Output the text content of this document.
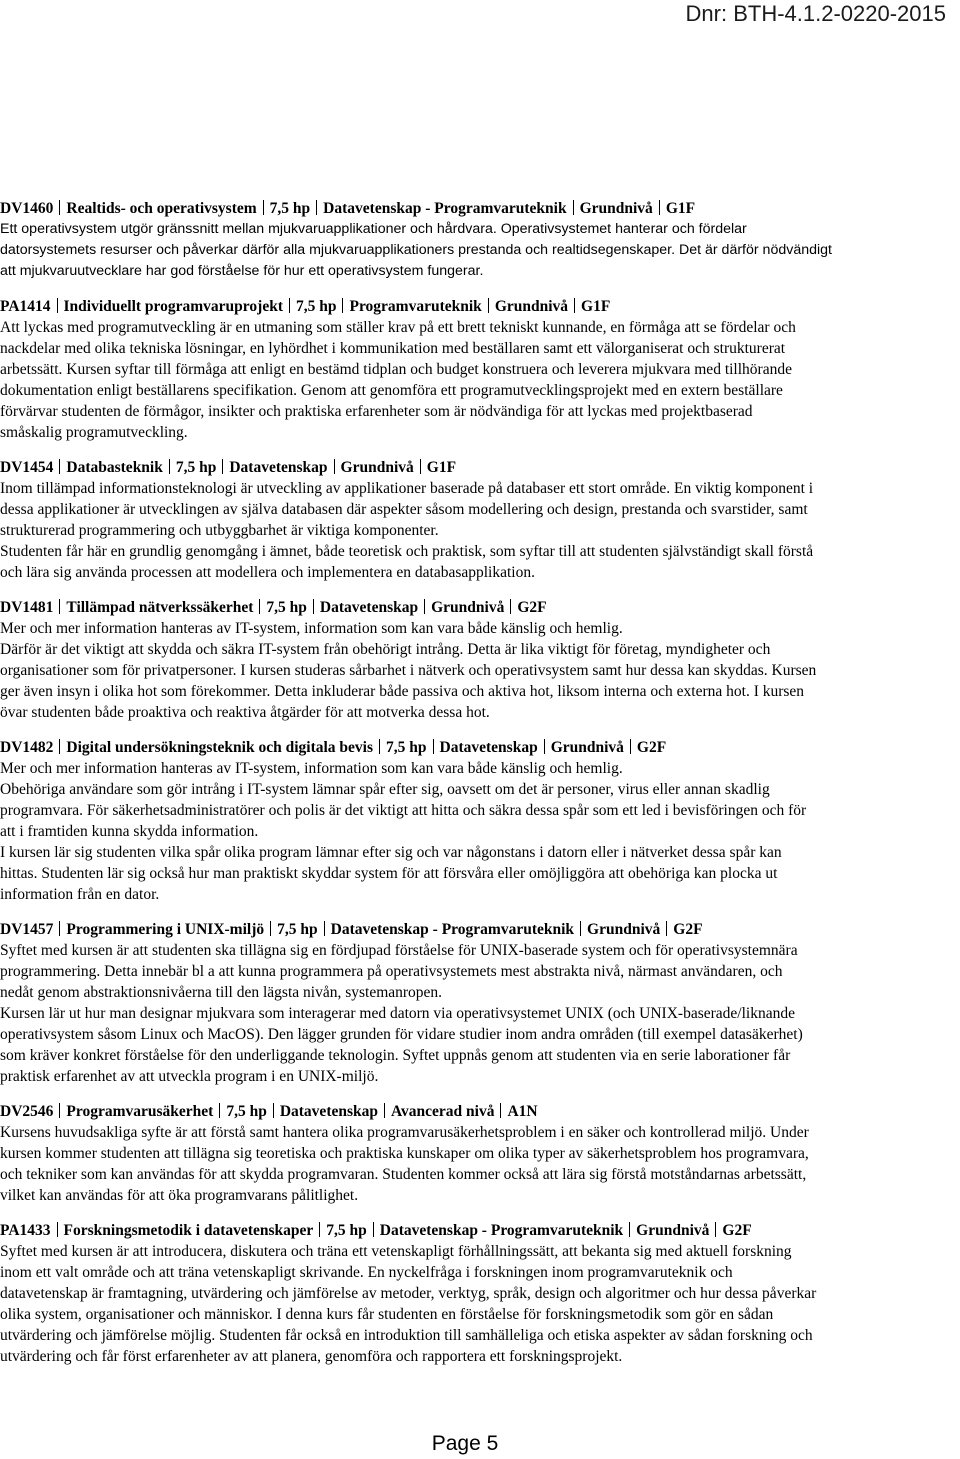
Dnr: BTH-4.1.2-0220-2015
DV1460 Realtids- och operativsystem 7,5 hp Datavetenskap - Programvaruteknik Grundnivå G1F
Ett operativsystem utgör gränssnitt mellan mjukvaruapplikationer och hårdvara. Operativsystemet hanterar och fördelar
datorsystemets resurser och påverkar därför alla mjukvaruapplikationers prestanda och realtidsegenskaper. Det är därför nödvändigt
att mjukvaruutvecklare har god förståelse för hur ett operativsystem fungerar.
PA1414 Individuellt programvaruprojekt 7,5 hp Programvaruteknik Grundnivå G1F
Att lyckas med programutveckling är en utmaning som ställer krav på ett brett tekniskt kunnande, en förmåga att se fördelar och
nackdelar med olika tekniska lösningar, en lyhördhet i kommunikation med beställaren samt ett välorganiserat och strukturerat
arbetssätt. Kursen syftar till förmåga att enligt en bestämd tidplan och budget konstruera och leverera mjukvara med tillhörande
dokumentation enligt beställarens specifikation. Genom att genomföra ett programutvecklingsprojekt med en extern beställare
förvärvar studenten de förmågor, insikter och praktiska erfarenheter som är nödvändiga för att lyckas med projektbaserad
småskalig programutveckling.
DV1454 Databasteknik 7,5 hp Datavetenskap Grundnivå G1F
Inom tillämpad informationsteknologi är utveckling av applikationer baserade på databaser ett stort område. En viktig komponent i
dessa applikationer är utvecklingen av själva databasen där aspekter såsom modellering och design, prestanda och svarstider, samt
strukturerad programmering och utbyggbarhet är viktiga komponenter.
Studenten får här en grundlig genomgång i ämnet, både teoretisk och praktisk, som syftar till att studenten självständigt skall förstå
och lära sig använda processen att modellera och implementera en databasapplikation.
DV1481 Tillämpad nätverkssäkerhet 7,5 hp Datavetenskap Grundnivå G2F
Mer och mer information hanteras av IT-system, information som kan vara både känslig och hemlig.
Därför är det viktigt att skydda och säkra IT-system från obehörigt intrång. Detta är lika viktigt för företag, myndigheter och
organisationer som för privatpersoner. I kursen studeras sårbarhet i nätverk och operativsystem samt hur dessa kan skyddas. Kursen
ger även insyn i olika hot som förekommer. Detta inkluderar både passiva och aktiva hot, liksom interna och externa hot. I kursen
övar studenten både proaktiva och reaktiva åtgärder för att motverka dessa hot.
DV1482 Digital undersökningsteknik och digitala bevis 7,5 hp Datavetenskap Grundnivå G2F
Mer och mer information hanteras av IT-system, information som kan vara både känslig och hemlig.
Obehöriga användare som gör intrång i IT-system lämnar spår efter sig, oavsett om det är personer, virus eller annan skadlig
programvara. För säkerhetsadministratörer och polis är det viktigt att hitta och säkra dessa spår som ett led i bevisföringen och för
att i framtiden kunna skydda information.
I kursen lär sig studenten vilka spår olika program lämnar efter sig och var någonstans i datorn eller i nätverket dessa spår kan
hittas. Studenten lär sig också hur man praktiskt skyddar system för att försvåra eller omöjliggöra att obehöriga kan plocka ut
information från en dator.
DV1457 Programmering i UNIX-miljö 7,5 hp Datavetenskap - Programvaruteknik Grundnivå G2F
Syftet med kursen är att studenten ska tillägna sig en fördjupad förståelse för UNIX-baserade system och för operativsystemnära
programmering. Detta innebär bl a att kunna programmera på operativsystemets mest abstrakta nivå, närmast användaren, och
nedåt genom abstraktionsnivåerna till den lägsta nivån, systemanropen.
Kursen lär ut hur man designar mjukvara som interagerar med datorn via operativsystemet UNIX (och UNIX-baserade/liknande
operativsystem såsom Linux och MacOS). Den lägger grunden för vidare studier inom andra områden (till exempel datasäkerhet)
som kräver konkret förståelse för den underliggande teknologin. Syftet uppnås genom att studenten via en serie laborationer får
praktisk erfarenhet av att utveckla program i en UNIX-miljö.
DV2546 Programvarusäkerhet 7,5 hp Datavetenskap Avancerad nivå A1N
Kursens huvudsakliga syfte är att förstå samt hantera olika programvarusäkerhetsproblem i en säker och kontrollerad miljö. Under
kursen kommer studenten att tillägna sig teoretiska och praktiska kunskaper om olika typer av säkerhetsproblem hos programvara,
och tekniker som kan användas för att skydda programvaran. Studenten kommer också att lära sig förstå motståndarnas arbetssätt,
vilket kan användas för att öka programvarans pålitlighet.
PA1433 Forskningsmetodik i datavetenskaper 7,5 hp Datavetenskap - Programvaruteknik Grundnivå G2F
Syftet med kursen är att introducera, diskutera och träna ett vetenskapligt förhållningssätt, att bekanta sig med aktuell forskning
inom ett valt område och att träna vetenskapligt skrivande. En nyckelfråga i forskningen inom programvaruteknik och
datavetenskap är framtagning, utvärdering och jämförelse av metoder, verktyg, språk, design och algoritmer och hur dessa påverkar
olika system, organisationer och människor. I denna kurs får studenten en förståelse för forskningsmetodik som gör en sådan
utvärdering och jämförelse möjlig. Studenten får också en introduktion till samhälleliga och etiska aspekter av sådan forskning och
utvärdering och får först erfarenheter av att planera, genomföra och rapportera ett forskningsprojekt.
Page 5
